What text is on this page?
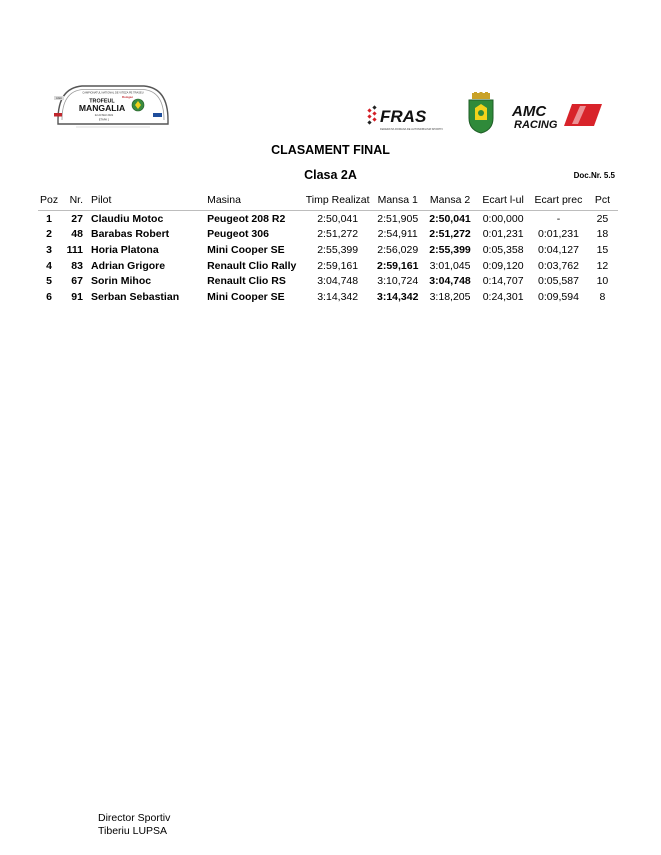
CAMPIONATUL NATIONAL DE VITEZA PE TRASEU
Romgaz
TROFEUL
MANGALIA
22-23 MAI 2021
ETAPA 1
LIGA
FRAS
FEDERATIA ROMANA DE AUTOMOBILISM SPORTIV
AMC
RACING
CLASAMENT FINAL
Clasa 2A	Doc.Nr. 5.5
Poz	Nr.	Pilot	Masina	Timp Realizat	Mansa 1	Mansa 2	Ecart l-ul	Ecart prec	Pct
1	27	Claudiu Motoc	Peugeot 208 R2	2:50,041	2:51,905	2:50,041	0:00,000	-	25
2	48	Barabas Robert	Peugeot 306	2:51,272	2:54,911	2:51,272	0:01,231	0:01,231	18
3	111	Horia Platona	Mini Cooper SE	2:55,399	2:56,029	2:55,399	0:05,358	0:04,127	15
4	83	Adrian Grigore	Renault Clio Rally	2:59,161	2:59,161	3:01,045	0:09,120	0:03,762	12
5	67	Sorin Mihoc	Renault Clio RS	3:04,748	3:10,724	3:04,748	0:14,707	0:05,587	10
6	91	Serban Sebastian	Mini Cooper SE	3:14,342	3:14,342	3:18,205	0:24,301	0:09,594	8
Director Sportiv
Tiberiu LUPSA
